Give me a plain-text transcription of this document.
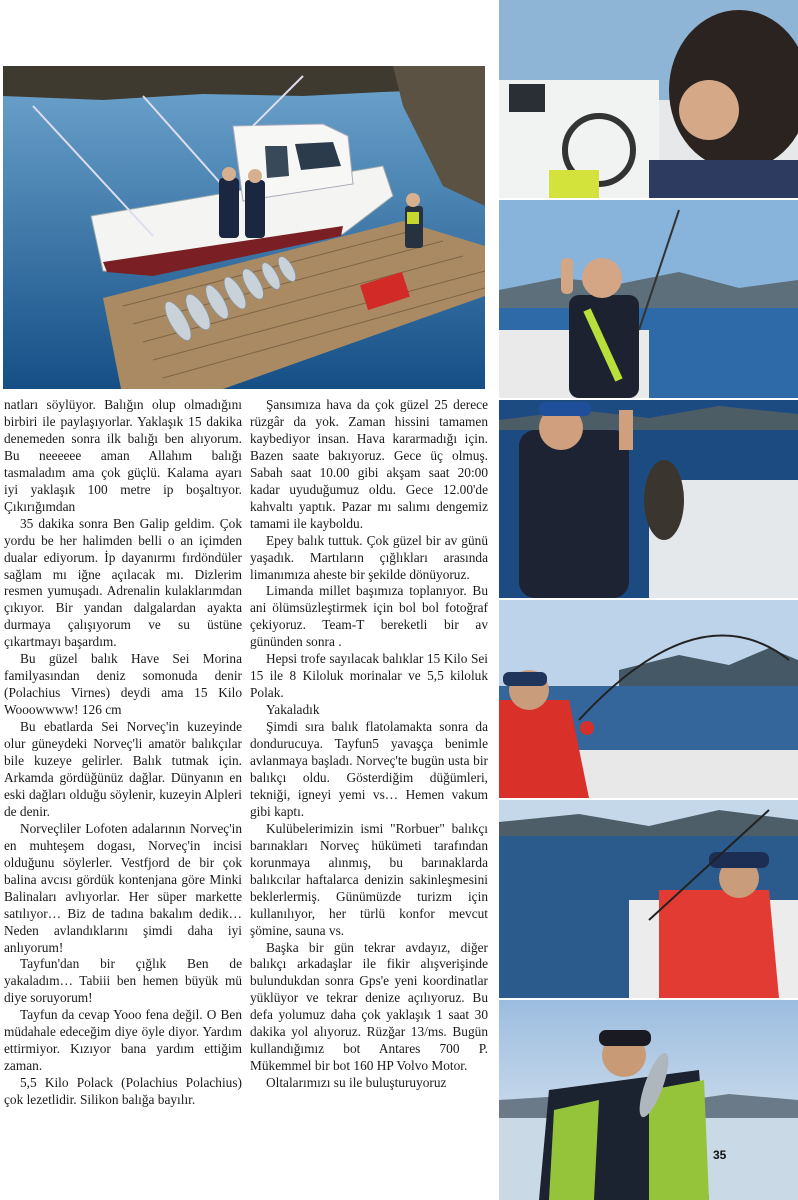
natları söylüyor. Balığın olup olmadığını birbiri ile paylaşıyorlar. Yaklaşık 15 dakika denemeden sonra ilk balığı ben alıyorum. Bu neeeeee aman Allahım balığı tasmaladım ama çok güçlü. Kalama ayarı iyi yaklaşık 100 metre ip boşaltıyor. Çıkırığımdan

35 dakika sonra Ben Galip geldim. Çok yordu be her halimden belli o an içimden dualar ediyorum. İp dayanırmı fırdöndüler sağlam mı iğne açılacak mı. Dizlerim resmen yumuşadı. Adrenalin kulaklarımdan çıkıyor. Bir yandan dalgalardan ayakta durmaya çalışıyorum ve su üstüne çıkartmayı başardım.

Bu güzel balık Have Sei Morina familyasından deniz somonuda denir (Polachius Virnes) deydi ama 15 Kilo Wooowwww! 126 cm

Bu ebatlarda Sei Norveç'in kuzeyinde olur güneydeki Norveç'li amatör balıkçılar bile kuzeye gelirler. Balık tutmak için. Arkamda gördüğünüz dağlar. Dünyanın en eski dağları olduğu söylenir, kuzeyin Alpleri de denir.

Norveçliler Lofoten adalarının Norveç'in en muhteşem dogası, Norveç'in incisi olduğunu söylerler. Vestfjord de bir çok balina avcısı gördük kontenjana göre Minki Balinaları avlıyorlar. Her süper markette satılıyor… Biz de tadına bakalım dedik… Neden avlandıklarını şimdi daha iyi anlıyorum!

Tayfun'dan bir çığlık Ben de yakaladım… Tabiii ben hemen büyük mü diye soruyorum!

Tayfun da cevap Yooo fena değil. O Ben müdahale edeceğim diye öyle diyor. Yardım ettirmiyor. Kızıyor bana yardım ettiğim zaman.

5,5 Kilo Polack (Polachius Polachius) çok lezetlidir. Silikon balığa bayılır.

Şansımıza hava da çok güzel 25 derece rüzgâr da yok. Zaman hissini tamamen kaybediyor insan. Hava kararmadığı için. Bazen saate bakıyoruz. Gece üç olmuş. Sabah saat 10.00 gibi akşam saat 20:00 kadar uyuduğumuz oldu. Gece 12.00'de kahvaltı yaptık. Pazar mı salımı dengemiz tamami ile kayboldu.

Epey balık tuttuk. Çok güzel bir av günü yaşadık. Martıların çığlıkları arasında limanımıza aheste bir şekilde dönüyoruz.

Limanda millet başımıza toplanıyor. Bu ani ölümsüzleştirmek için bol bol fotoğraf çekiyoruz. Team-T bereketli bir av gününden sonra .

Hepsi trofe sayılacak balıklar 15 Kilo Sei 15 ile 8 Kiloluk morinalar ve 5,5 kiloluk Polak.

Yakaladık

Şimdi sıra balık flatolamakta sonra da dondurucuya. Tayfun5 yavaşça benimle avlanmaya başladı. Norveç'te bugün usta bir balıkçı oldu. Gösterdiğim düğümleri, tekniği, igneyi yemi vs… Hemen vakum gibi kaptı.

Kulübelerimizin ismi "Rorbuer" balıkçı barınakları Norveç hükümeti tarafından korunmaya alınmış, bu barınaklarda balıkcılar haftalarca denizin sakinleşmesini beklerlermiş. Günümüzde turizm için kullanılıyor, her türlü konfor mevcut şömine, sauna vs.

Başka bir gün tekrar avdayız, diğer balıkçı arkadaşlar ile fikir alışverişinde bulundukdan sonra Gps'e yeni koordinatlar yüklüyor ve tekrar denize açılıyoruz. Bu defa yolumuz daha çok yaklaşık 1 saat 30 dakika yol alıyoruz. Rüzğar 13/ms. Bugün kullandığımız bot Antares 700 P. Mükemmel bir bot 160 HP Volvo Motor.

Oltalarımızı su ile buluşturuyoruz

35
